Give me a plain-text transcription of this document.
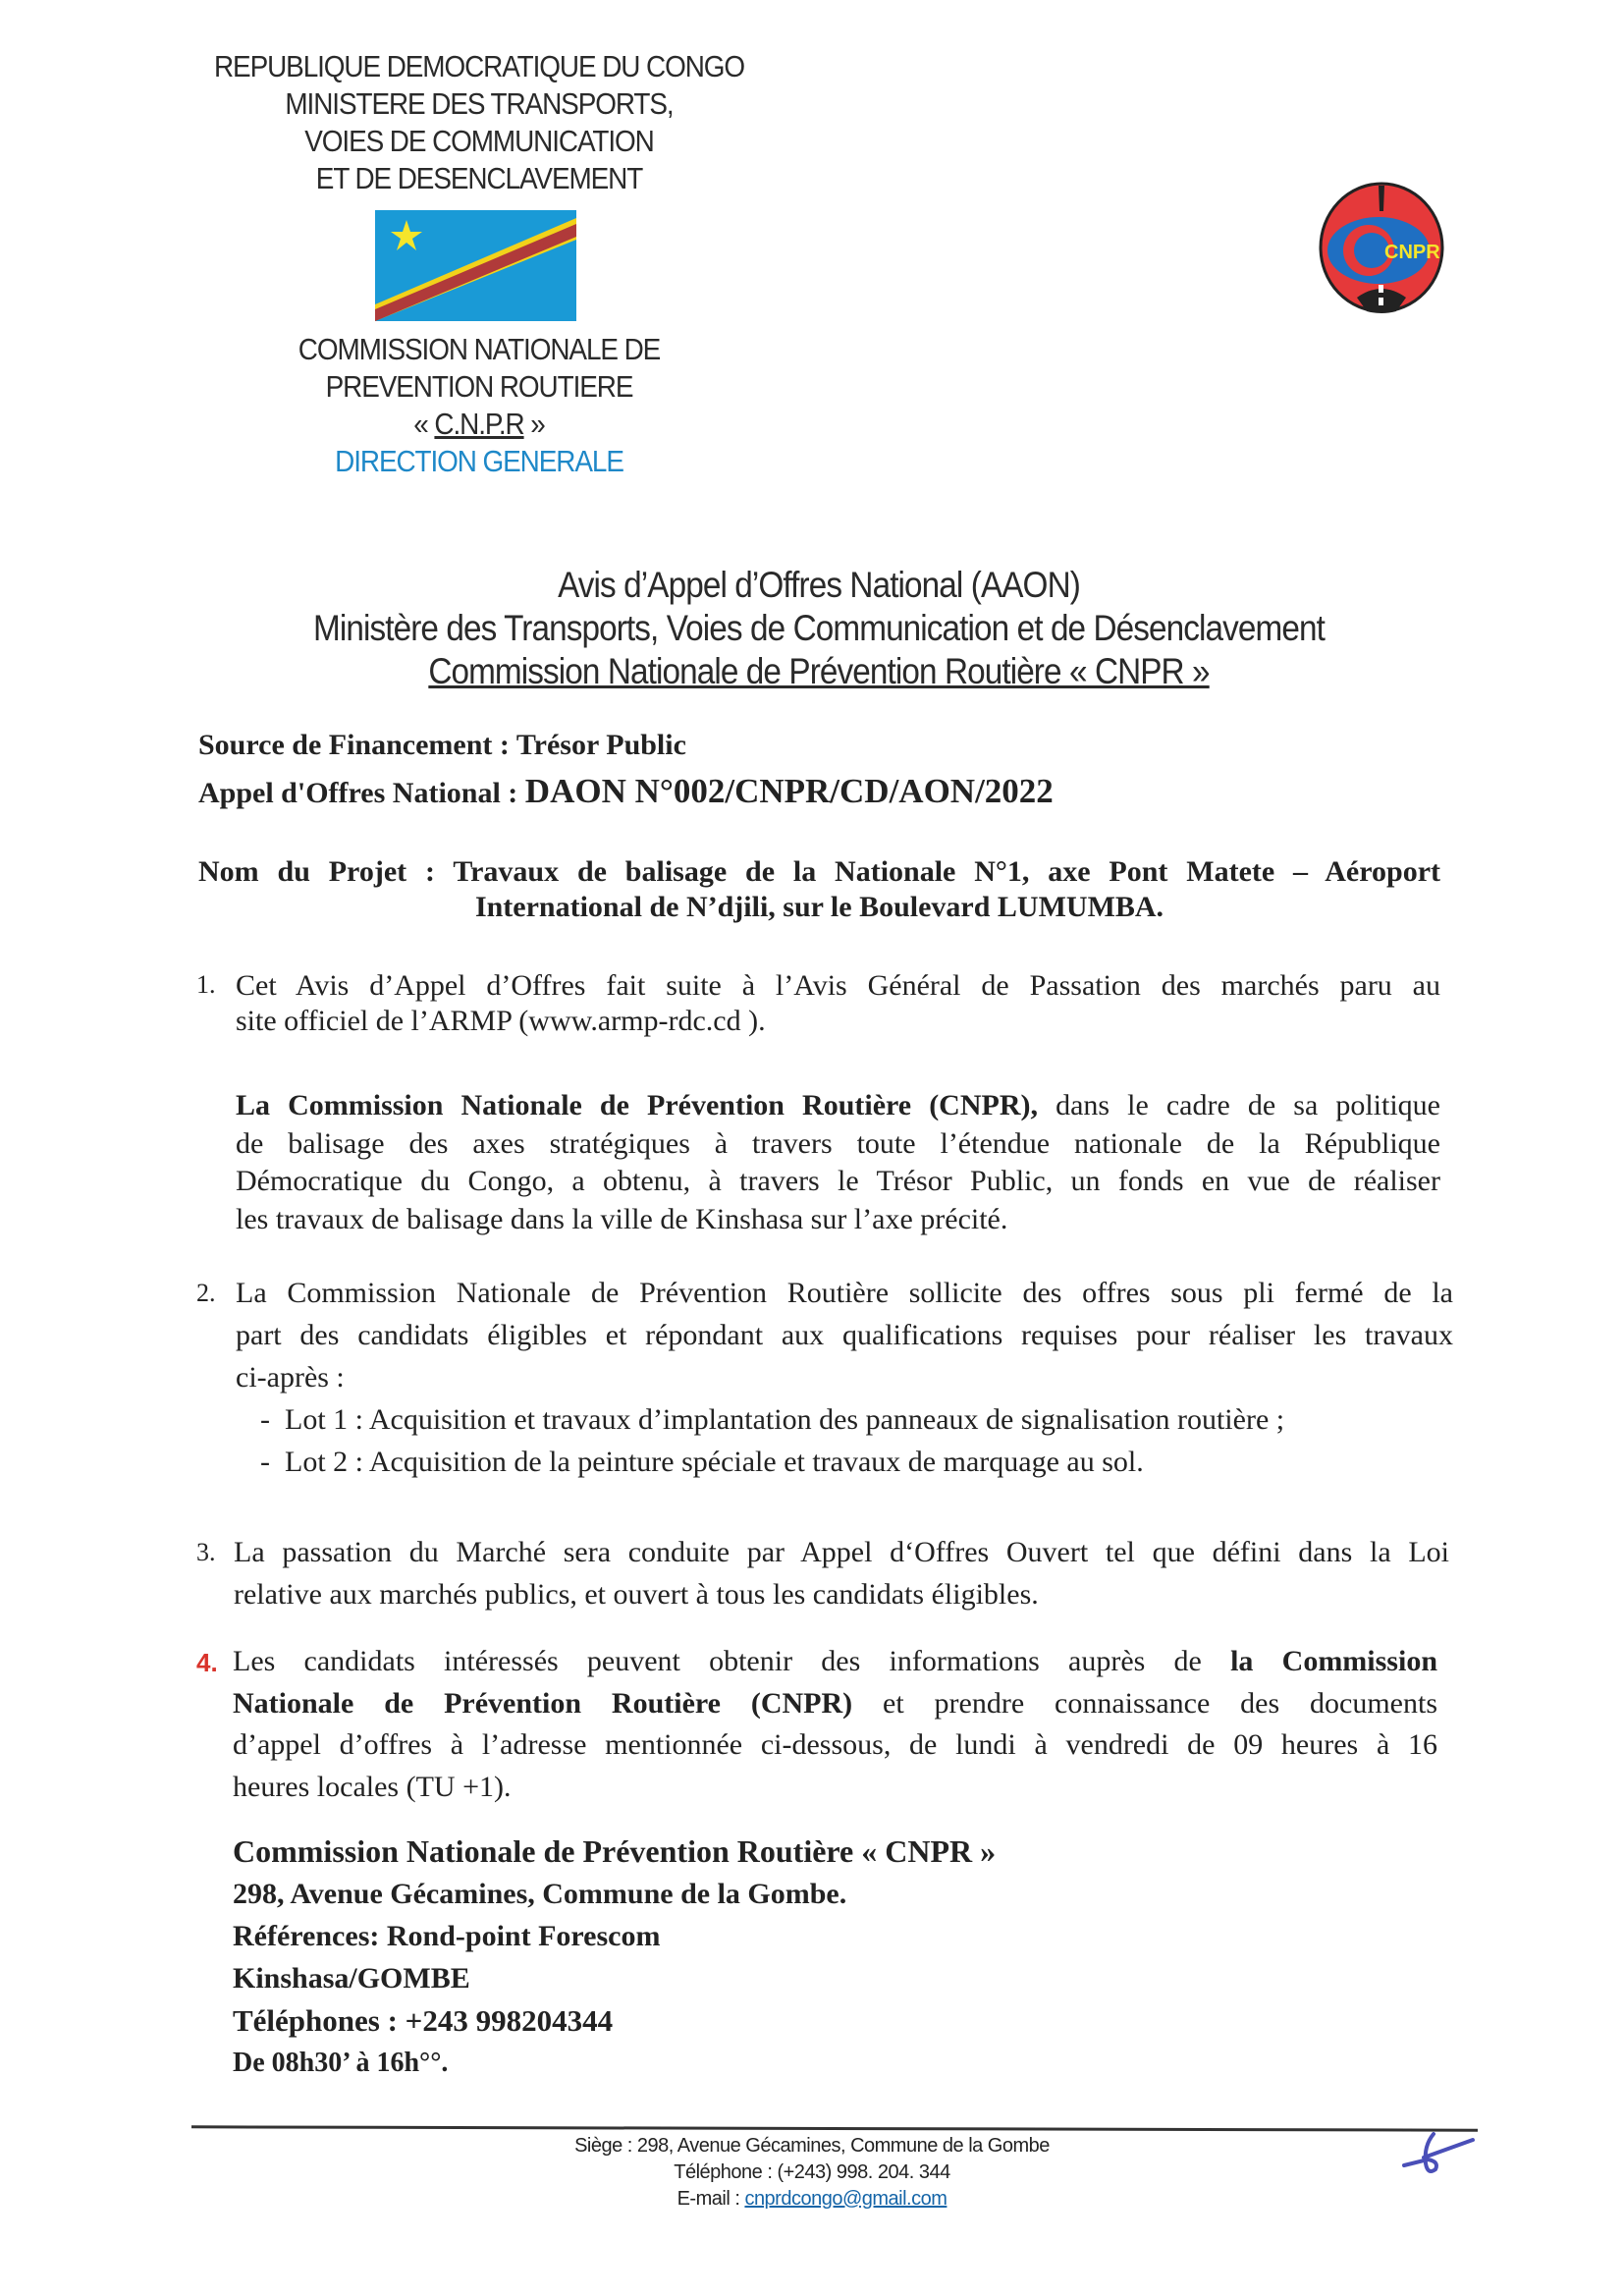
REPUBLIQUE DEMOCRATIQUE DU CONGO
MINISTERE DES TRANSPORTS,
VOIES DE COMMUNICATION
ET DE DESENCLAVEMENT
COMMISSION NATIONALE DE
PREVENTION ROUTIERE
« C.N.P.R »
DIRECTION GENERALE
CNPR
Avis d’Appel d’Offres National (AAON)
Ministère des Transports, Voies de Communication et de Désenclavement
Commission Nationale de Prévention Routière « CNPR »
Source de Financement : Trésor Public
Appel d'Offres National : DAON N°002/CNPR/CD/AON/2022
Nom du Projet : Travaux de balisage de la Nationale N°1, axe Pont Matete – Aéroport
International de N’djili, sur le Boulevard LUMUMBA.
1. Cet Avis d’Appel d’Offres fait suite à l’Avis Général de Passation des marchés paru au
site officiel de l’ARMP (www.armp-rdc.cd ).
La Commission Nationale de Prévention Routière (CNPR), dans le cadre de sa politique
de balisage des axes stratégiques à travers toute l’étendue nationale de la République
Démocratique du Congo, a obtenu, à travers le Trésor Public, un fonds en vue de réaliser
les travaux de balisage dans la ville de Kinshasa sur l’axe précité.
2. La Commission Nationale de Prévention Routière sollicite des offres sous pli fermé de la
part des candidats éligibles et répondant aux qualifications requises pour réaliser les travaux
ci-après :
- Lot 1 : Acquisition et travaux d’implantation des panneaux de signalisation routière ;
- Lot 2 : Acquisition de la peinture spéciale et travaux de marquage au sol.
3. La passation du Marché sera conduite par Appel d‘Offres Ouvert tel que défini dans la Loi
relative aux marchés publics, et ouvert à tous les candidats éligibles.
4. Les candidats intéressés peuvent obtenir des informations auprès de la Commission
Nationale de Prévention Routière (CNPR) et prendre connaissance des documents
d’appel d’offres à l’adresse mentionnée ci-dessous, de lundi à vendredi de 09 heures à 16
heures locales (TU +1).
Commission Nationale de Prévention Routière « CNPR »
298, Avenue Gécamines, Commune de la Gombe.
Références: Rond-point Forescom
Kinshasa/GOMBE
Téléphones : +243 998204344
De 08h30’ à 16h°°.
Siège : 298, Avenue Gécamines, Commune de la Gombe
Téléphone : (+243) 998. 204. 344
E-mail : cnprdcongo@gmail.com
